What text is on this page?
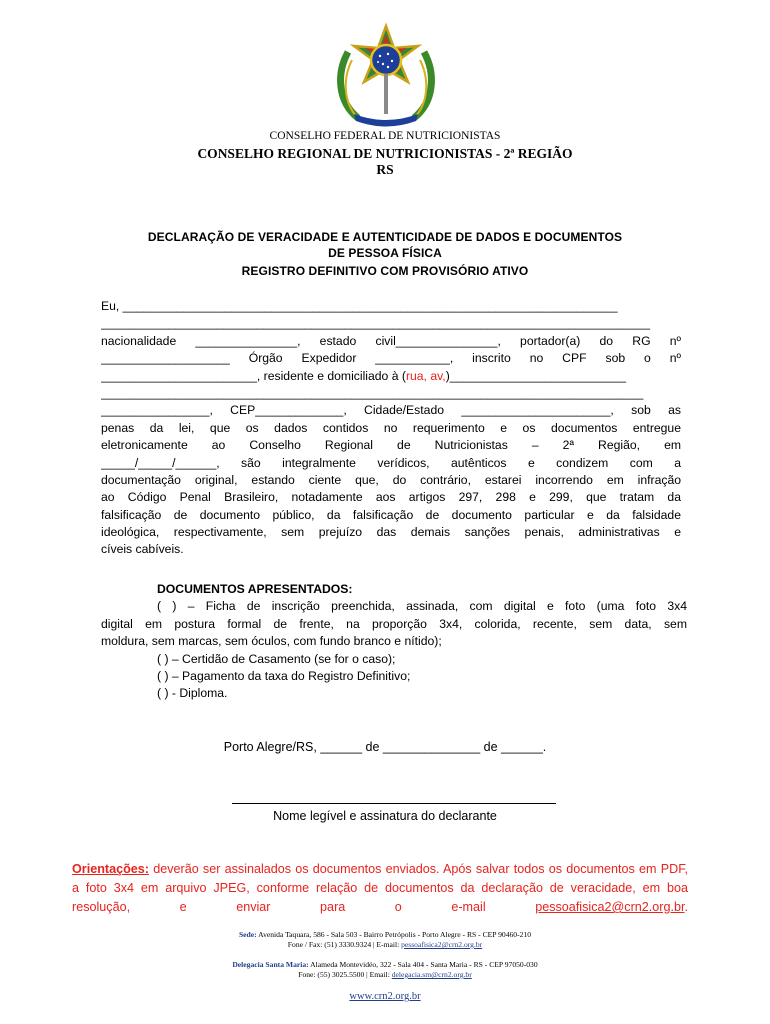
CONSELHO FEDERAL DE NUTRICIONISTAS
CONSELHO REGIONAL DE NUTRICIONISTAS - 2ª REGIÃO
RS
DECLARAÇÃO DE VERACIDADE E AUTENTICIDADE DE DADOS E DOCUMENTOS
DE PESSOA FÍSICA
REGISTRO DEFINITIVO COM PROVISÓRIO ATIVO
Eu, _________________________________________________________________________
_________________________________________________________________________________
nacionalidade _______________, estado civil_______________, portador(a) do RG nº
___________________ Órgão Expedidor ___________, inscrito no CPF sob o nº
_______________________, residente e domiciliado à (rua, av,)__________________________
________________________________________________________________________________
________________, CEP_____________, Cidade/Estado ______________________, sob as
penas da lei, que os dados contidos no requerimento e os documentos entregue
eletronicamente ao Conselho Regional de Nutricionistas – 2ª Região, em
_____/_____/______, são integralmente verídicos, autênticos e condizem com a
documentação original, estando ciente que, do contrário, estarei incorrendo em infração
ao Código Penal Brasileiro, notadamente aos artigos 297, 298 e 299, que tratam da
falsificação de documento público, da falsificação de documento particular e da falsidade
ideológica, respectivamente, sem prejuízo das demais sanções penais, administrativas e
cíveis cabíveis.
DOCUMENTOS APRESENTADOS:
( ) – Ficha de inscrição preenchida, assinada, com digital e foto (uma foto 3x4
digital em postura formal de frente, na proporção 3x4, colorida, recente, sem data, sem
moldura, sem marcas, sem óculos, com fundo branco e nítido);
( ) – Certidão de Casamento (se for o caso);
( ) – Pagamento da taxa do Registro Definitivo;
( ) - Diploma.
Porto Alegre/RS, ______ de ______________ de ______.
Nome legível e assinatura do declarante
Orientações: deverão ser assinalados os documentos enviados. Após salvar todos os documentos em PDF, a foto 3x4 em arquivo JPEG, conforme relação de documentos da declaração de veracidade, em boa resolução, e enviar para o e-mail pessoafisica2@crn2.org.br.
Sede: Avenida Taquara, 586 - Sala 503 - Bairro Petrópolis - Porto Alegre - RS - CEP 90460-210
Fone / Fax: (51) 3330.9324 | E-mail: pessoafisica2@crn2.org.br
Delegacia Santa Maria: Alameda Montevidéo, 322 - Sala 404 - Santa Maria - RS - CEP 97050-030
Fone: (55) 3025.5500 | Email: delegacia.sm@crn2.org.br
www.crn2.org.br
